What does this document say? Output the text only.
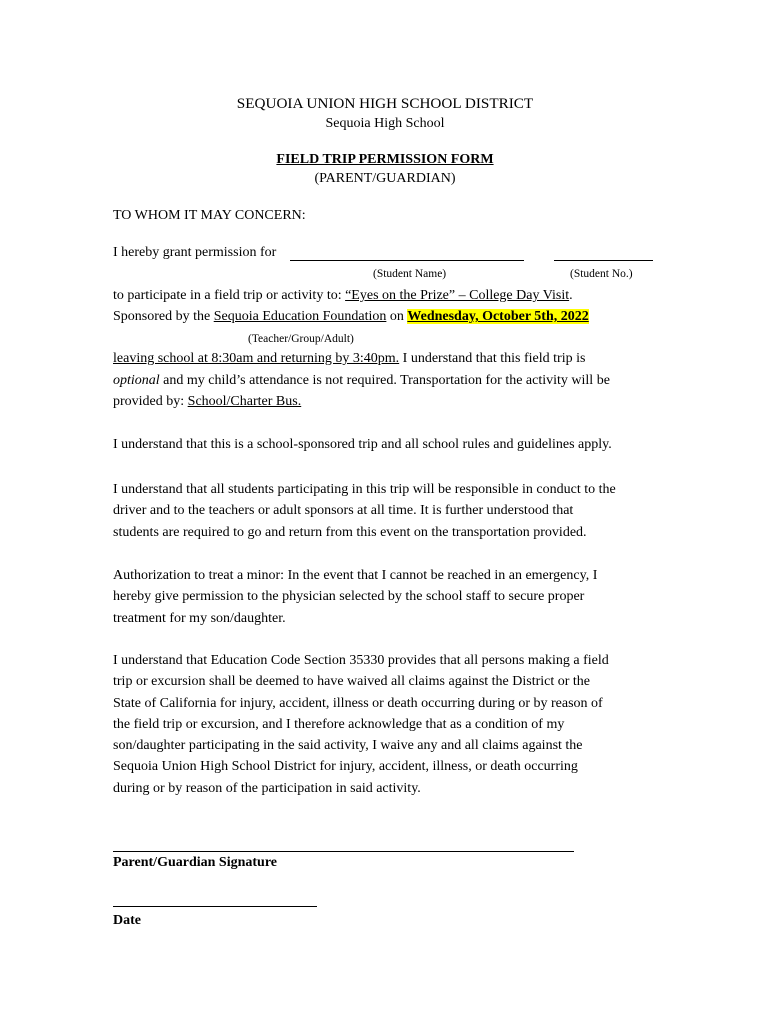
SEQUOIA UNION HIGH SCHOOL DISTRICT
Sequoia High School
FIELD TRIP PERMISSION FORM
(PARENT/GUARDIAN)
TO WHOM IT MAY CONCERN:
I hereby grant permission for
(Student Name)	(Student No.)
to participate in a field trip or activity to: “Eyes on the Prize” – College Day Visit.
Sponsored by the Sequoia Education Foundation on Wednesday, October 5th, 2022
(Teacher/Group/Adult)
leaving school at 8:30am and returning by 3:40pm. I understand that this field trip is
optional and my child’s attendance is not required. Transportation for the activity will be
provided by: School/Charter Bus.
I understand that this is a school-sponsored trip and all school rules and guidelines apply.
I understand that all students participating in this trip will be responsible in conduct to the
driver and to the teachers or adult sponsors at all time. It is further understood that
students are required to go and return from this event on the transportation provided.
Authorization to treat a minor: In the event that I cannot be reached in an emergency, I
hereby give permission to the physician selected by the school staff to secure proper
treatment for my son/daughter.
I understand that Education Code Section 35330 provides that all persons making a field
trip or excursion shall be deemed to have waived all claims against the District or the
State of California for injury, accident, illness or death occurring during or by reason of
the field trip or excursion, and I therefore acknowledge that as a condition of my
son/daughter participating in the said activity, I waive any and all claims against the
Sequoia Union High School District for injury, accident, illness, or death occurring
during or by reason of the participation in said activity.
Parent/Guardian Signature
Date
